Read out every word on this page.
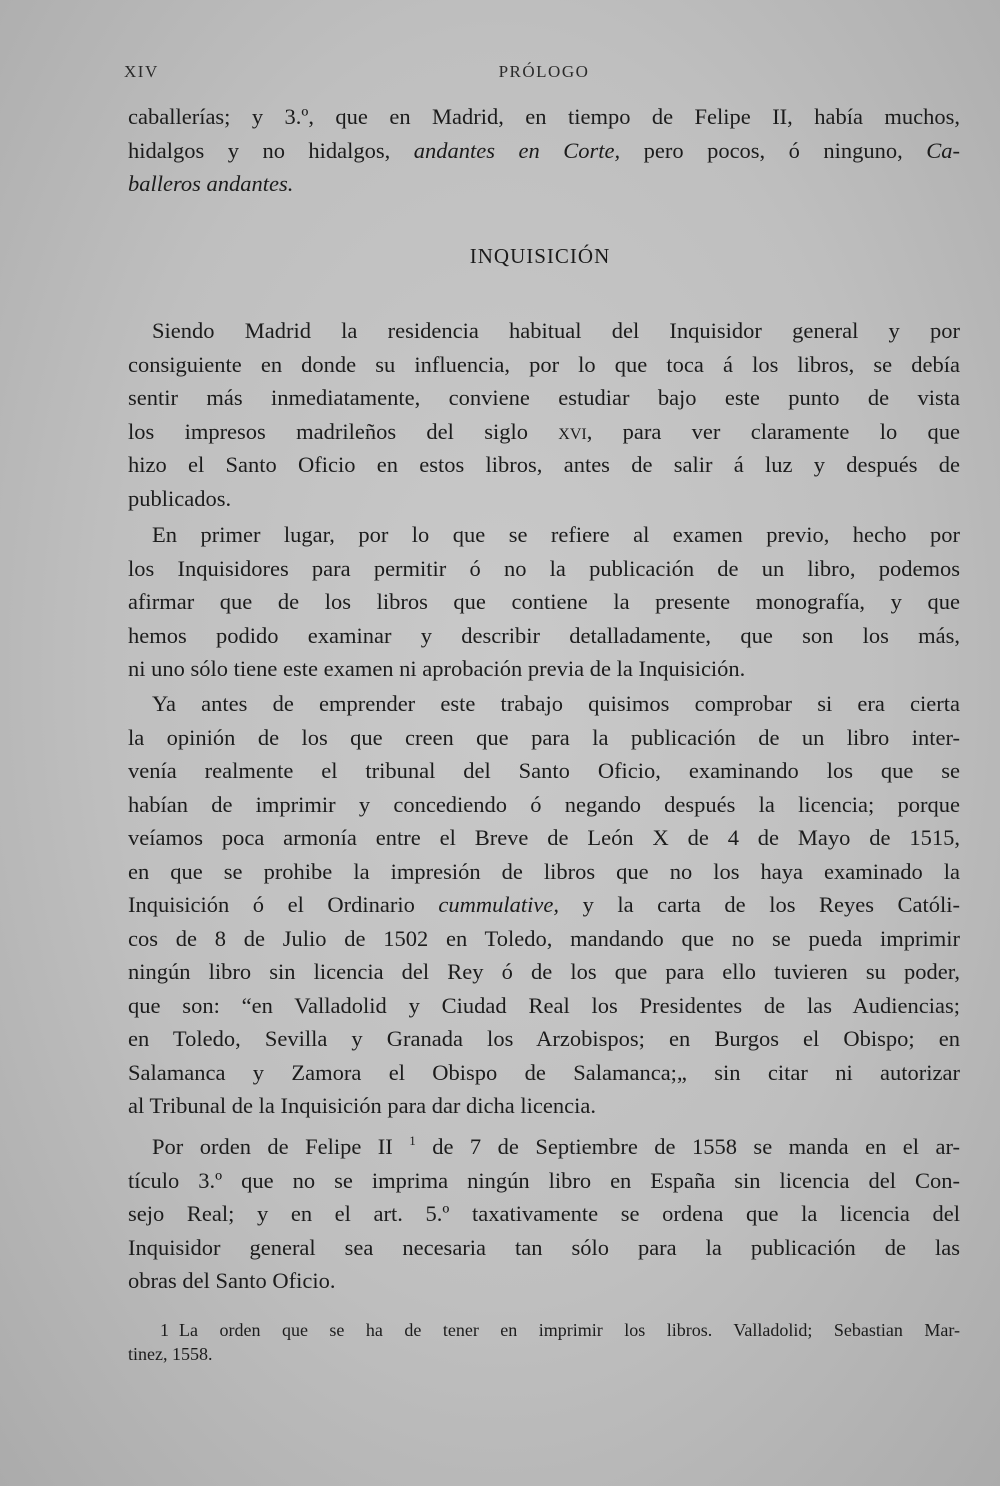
XIV	PRÓLOGO
caballerías; y 3.º, que en Madrid, en tiempo de Felipe II, había muchos,
hidalgos y no hidalgos, andantes en Corte, pero pocos, ó ninguno, Ca-
balleros andantes.
INQUISICIÓN
Siendo Madrid la residencia habitual del Inquisidor general y por
consiguiente en donde su influencia, por lo que toca á los libros, se debía
sentir más inmediatamente, conviene estudiar bajo este punto de vista
los impresos madrileños del siglo xvi, para ver claramente lo que
hizo el Santo Oficio en estos libros, antes de salir á luz y después de
publicados.
En primer lugar, por lo que se refiere al examen previo, hecho por
los Inquisidores para permitir ó no la publicación de un libro, podemos
afirmar que de los libros que contiene la presente monografía, y que
hemos podido examinar y describir detalladamente, que son los más,
ni uno sólo tiene este examen ni aprobación previa de la Inquisición.
Ya antes de emprender este trabajo quisimos comprobar si era cierta
la opinión de los que creen que para la publicación de un libro inter-
venía realmente el tribunal del Santo Oficio, examinando los que se
habían de imprimir y concediendo ó negando después la licencia; porque
veíamos poca armonía entre el Breve de León X de 4 de Mayo de 1515,
en que se prohibe la impresión de libros que no los haya examinado la
Inquisición ó el Ordinario cummulative, y la carta de los Reyes Católi-
cos de 8 de Julio de 1502 en Toledo, mandando que no se pueda imprimir
ningún libro sin licencia del Rey ó de los que para ello tuvieren su poder,
que son: “en Valladolid y Ciudad Real los Presidentes de las Audiencias;
en Toledo, Sevilla y Granada los Arzobispos; en Burgos el Obispo; en
Salamanca y Zamora el Obispo de Salamanca;„ sin citar ni autorizar
al Tribunal de la Inquisición para dar dicha licencia.
Por orden de Felipe II $^1$ de 7 de Septiembre de 1558 se manda en el ar-
tículo 3.º que no se imprima ningún libro en España sin licencia del Con-
sejo Real; y en el art. 5.º taxativamente se ordena que la licencia del
Inquisidor general sea necesaria tan sólo para la publicación de las
obras del Santo Oficio.
1 La orden que se ha de tener en imprimir los libros. Valladolid; Sebastian Mar-
tinez, 1558.
